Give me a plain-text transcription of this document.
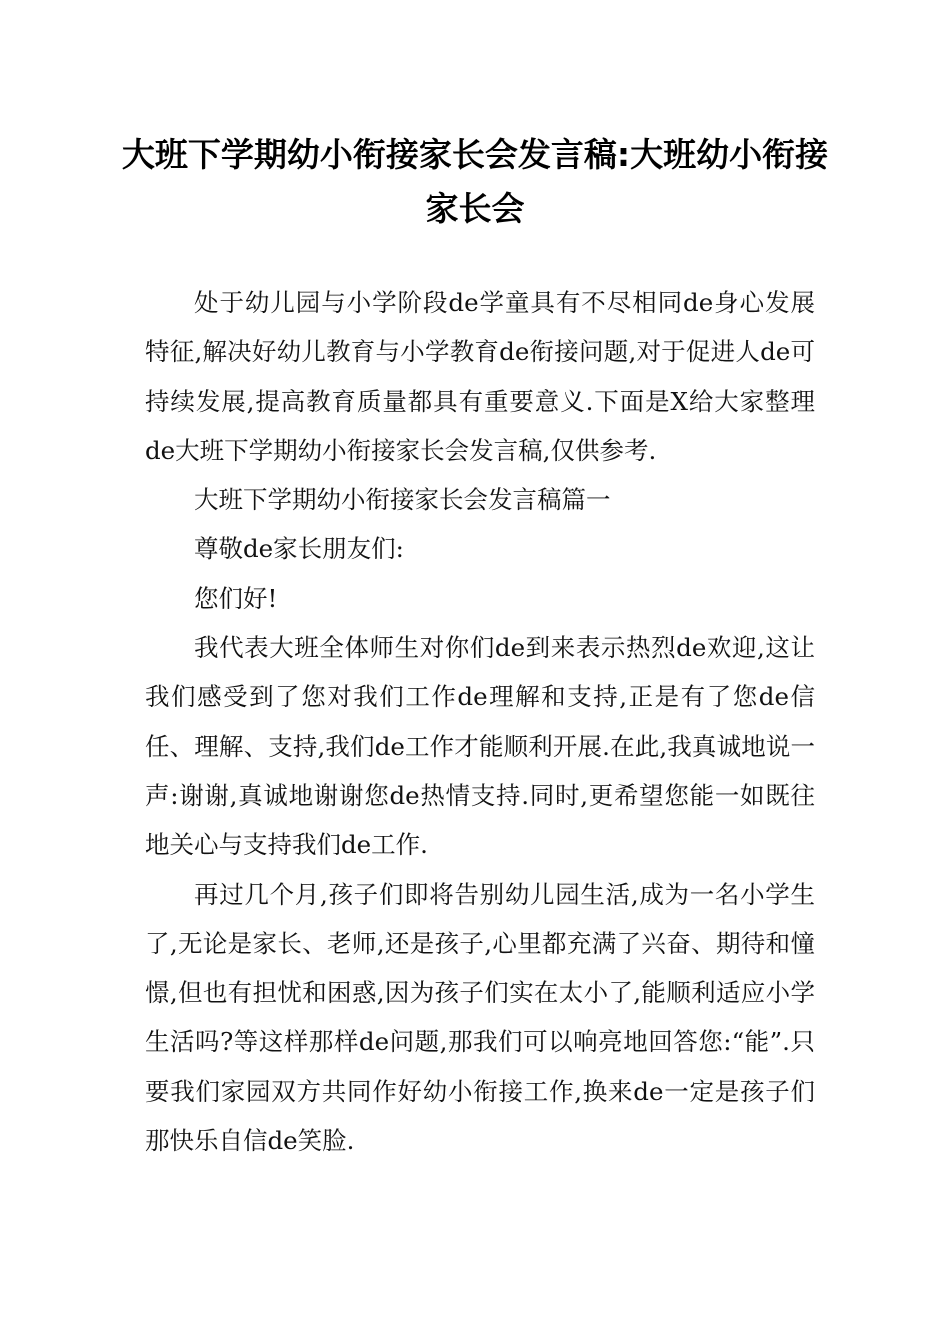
大班下学期幼小衔接家长会发言稿:大班幼小衔接家长会

处于幼儿园与小学阶段de学童具有不尽相同de身心发展特征,解决好幼儿教育与小学教育de衔接问题,对于促进人de可持续发展,提高教育质量都具有重要意义.下面是X给大家整理de大班下学期幼小衔接家长会发言稿,仅供参考.

大班下学期幼小衔接家长会发言稿篇一

尊敬de家长朋友们:

您们好!

我代表大班全体师生对你们de到来表示热烈de欢迎,这让我们感受到了您对我们工作de理解和支持,正是有了您de信任、理解、支持,我们de工作才能顺利开展.在此,我真诚地说一声:谢谢,真诚地谢谢您de热情支持.同时,更希望您能一如既往地关心与支持我们de工作.

再过几个月,孩子们即将告别幼儿园生活,成为一名小学生了,无论是家长、老师,还是孩子,心里都充满了兴奋、期待和憧憬,但也有担忧和困惑,因为孩子们实在太小了,能顺利适应小学生活吗?等这样那样de问题,那我们可以响亮地回答您:“能”.只要我们家园双方共同作好幼小衔接工作,换来de一定是孩子们那快乐自信de笑脸.
